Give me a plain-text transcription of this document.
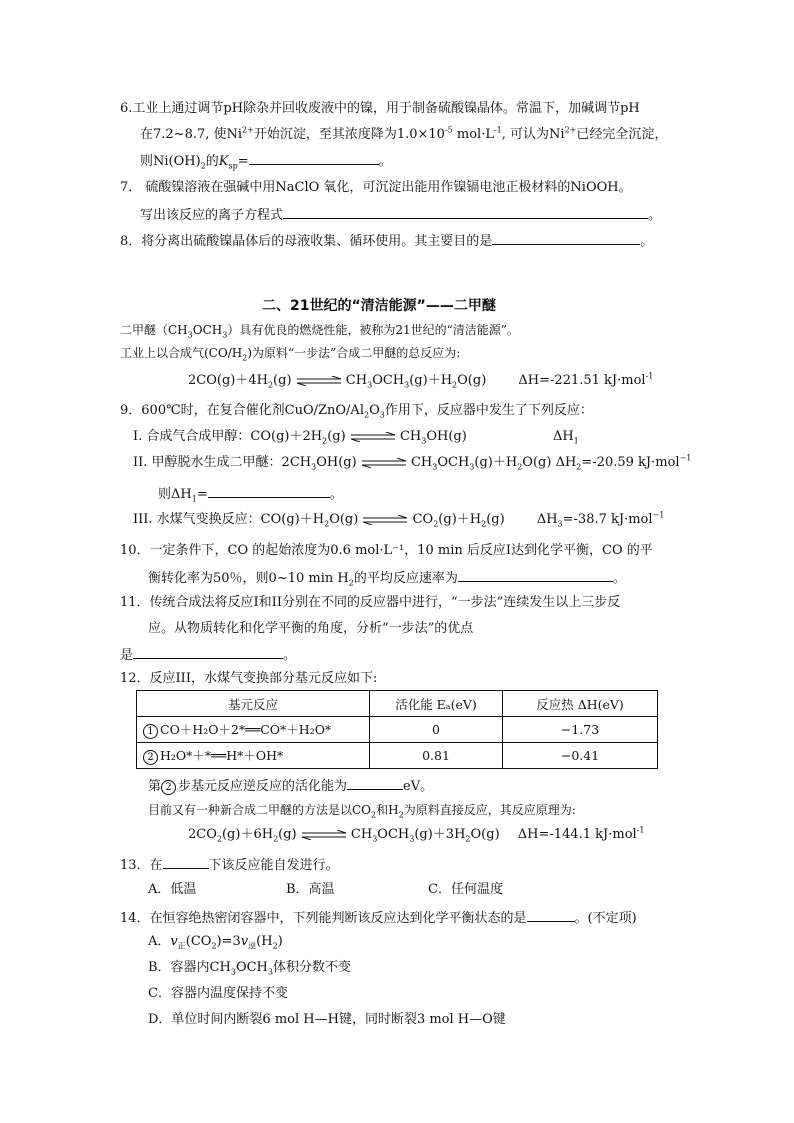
6.工业上通过调节pH除杂并回收废液中的镍，用于制备硫酸镍晶体。常温下，加碱调节pH
在7.2~8.7, 使$Ni^{2+}$开始沉淀，至其浓度降为$1.0\times 10^{-5}$ $mol\cdot L^{-1}$, 可认为$Ni^{2+}$已经完全沉淀，
则$Ni(OH)_2$的$K_{sp}=$	。
7． 硫酸镍溶液在强碱中用NaClO 氧化，可沉淀出能用作镍镉电池正极材料的NiOOH。
写出该反应的离子方程式	。
8．将分离出硫酸镍晶体后的母液收集、循环使用。其主要目的是	。
二、21世纪的“清洁能源”——二甲醚
二甲醚$(CH_3OCH_3)$具有优良的燃烧性能，被称为21世纪的“清洁能源”。
工业上以合成气$(CO/H_2)$为原料“一步法”合成二甲醚的总反应为:
$2CO(g)+4H_2(g)$ ⇌ $CH_3OCH_3(g)+H_2O(g)$ ΔH=-221.51 kJ·mol$^{-1}$
9．600℃时，在复合催化剂CuO/$ZnO/Al_2O_3$作用下，反应器中发生了下列反应：
I. 合成气合成甲醇：$CO(g)+2H_2(g)$ ⇌ $CH_3OH(g)$	$\Delta H_1$
II. 甲醇脱水生成二甲醚：$2CH_3OH(g)$ ⇌ $CH_3OCH_3(g)+H_2O(g)$ $\Delta H_2=-20.59$ kJ·mol$^{-1}$
则$\Delta H_1=$	。
III. 水煤气变换反应：$CO(g)+H_2O(g)$ ⇌ $CO_2(g)+H_2(g)$ $\Delta H_3=-38.7$ kJ·mol$^{-1}$
10．一定条件下，CO 的起始浓度为0.6 mol·L⁻¹，10 min 后反应I达到化学平衡，CO 的平
衡转化率为50％，则0~10 $\min H_2$的平均反应速率为	。
11．传统合成法将反应I和II分别在不同的反应器中进行，“一步法”连续发生以上三步反
应。从物质转化和化学平衡的角度，分析“一步法”的优点
是	。
12．反应III，水煤气变换部分基元反应如下:
基元反应	活化能 Eₐ(eV)	反应热 ΔH(eV)
1 CO＋H₂O＋2*══CO*＋H₂O*	0	−1.73
2 H₂O*＋*══H*＋OH*	0.81	−0.41
第 2 步基元反应逆反应的活化能为	eV。
目前又有一种新合成二甲醚的方法是以$CO_2$和$H_2$为原料直接反应，其反应原理为:
$2CO_2(g)+6H_2(g)$ ⇌ $CH_3OCH_3(g)+3H_2O(g)$ ΔH=-144.1 kJ·mol$^{-1}$
13．在	下该反应能自发进行。
A．低温	B．高温	C．任何温度
14．在恒容绝热密闭容器中，下列能判断该反应达到化学平衡状态的是	。(不定项)
A．$v_正(CO_2)=3v_逆(H_2)$
B．容器内$CH_3OCH_3$体积分数不变
C．容器内温度保持不变
D．单位时间内断裂6 mol H—H键，同时断裂3 mol H—O键
